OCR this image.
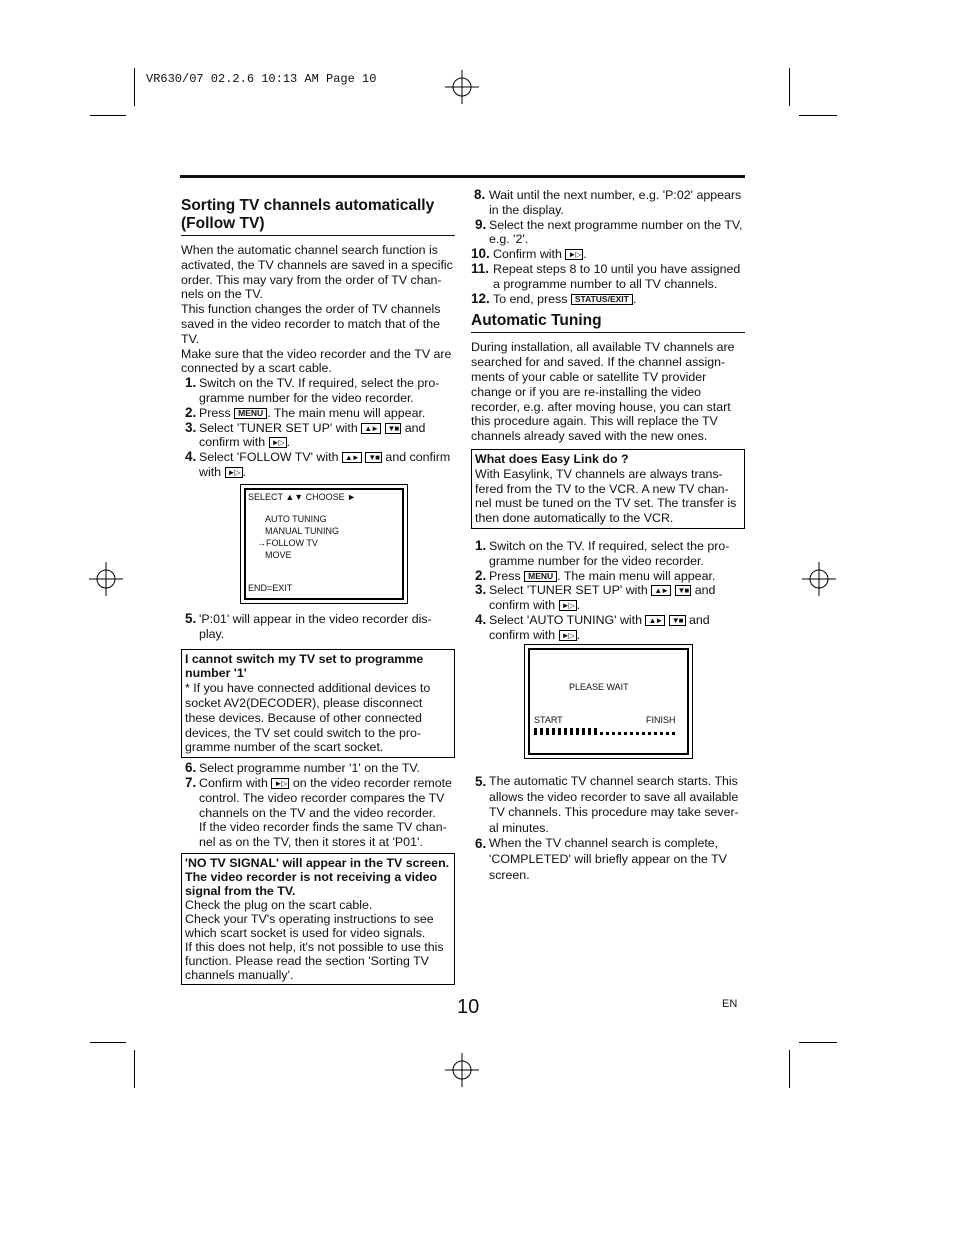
VR630/07 02.2.6 10:13 AM Page 10
Sorting TV channels automatically (Follow TV)

When the automatic channel search function is activated, the TV channels are saved in a specific order. This may vary from the order of TV chan-nels on the TV.

This function changes the order of TV channels saved in the video recorder to match that of the TV.

Make sure that the video recorder and the TV are connected by a scart cable.

1. Switch on the TV. If required, select the pro-gramme number for the video recorder.
2. Press MENU . The main menu will appear.
3. Select 'TUNER SET UP' with ▲► ▼■ and confirm with ►▷ .
4. Select 'FOLLOW TV' with ▲► ▼■ and confirm with ►▷ .
SELECT ▲▼ CHOOSE ►
AUTO TUNING
MANUAL TUNING
→FOLLOW TV
MOVE
END=EXIT
5. 'P:01' will appear in the video recorder dis-play.
I cannot switch my TV set to programme number '1'
* If you have connected additional devices to socket AV2(DECODER), please disconnect these devices. Because of other connected devices, the TV set could switch to the pro-gramme number of the scart socket.
6. Select programme number '1' on the TV.
7. Confirm with ►▷ on the video recorder remote control. The video recorder compares the TV channels on the TV and the video recorder.
If the video recorder finds the same TV chan-nel as on the TV, then it stores it at 'P01'.
'NO TV SIGNAL' will appear in the TV screen. The video recorder is not receiving a video signal from the TV.
Check the plug on the scart cable.
Check your TV's operating instructions to see which scart socket is used for video signals.
If this does not help, it's not possible to use this function. Please read the section 'Sorting TV channels manually'.
8. Wait until the next number, e.g. 'P:02' appears in the display.
9. Select the next programme number on the TV, e.g. '2'.
10. Confirm with ►▷ .
11. Repeat steps 8 to 10 until you have assigned a programme number to all TV channels.
12. To end, press STATUS/EXIT .
Automatic Tuning

During installation, all available TV channels are searched for and saved. If the channel assign-ments of your cable or satellite TV provider change or if you are re-installing the video recorder, e.g. after moving house, you can start this procedure again. This will replace the TV channels already saved with the new ones.

What does Easy Link do ?
With Easylink, TV channels are always trans-fered from the TV to the VCR. A new TV chan-nel must be tuned on the TV set. The transfer is then done automatically to the VCR.
1. Switch on the TV. If required, select the pro-gramme number for the video recorder.
2. Press MENU . The main menu will appear.
3. Select 'TUNER SET UP' with ▲► ▼■ and confirm with ►▷ .
4. Select 'AUTO TUNING' with ▲► ▼■ and confirm with ►▷ .
PLEASE WAIT
START	FINISH
5. The automatic TV channel search starts. This allows the video recorder to save all available TV channels. This procedure may take sever-al minutes.
6. When the TV channel search is complete, 'COMPLETED' will briefly appear on the TV screen.
10	EN
